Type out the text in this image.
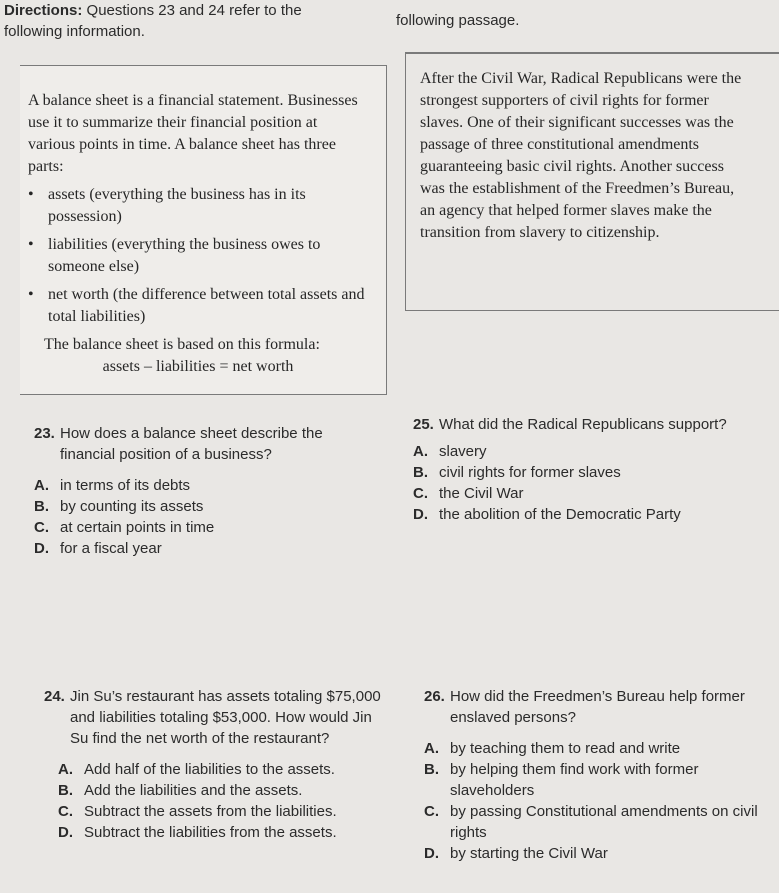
Directions: Questions 23 and 24 refer to the
following information.
following passage.

A balance sheet is a financial statement. Businesses use it to summarize their financial position at various points in time. A balance sheet has three parts:

• assets (everything the business has in its possession)
• liabilities (everything the business owes to someone else)
• net worth (the difference between total assets and total liabilities)

The balance sheet is based on this formula:

assets – liabilities = net worth

After the Civil War, Radical Republicans were the strongest supporters of civil rights for former slaves. One of their significant successes was the passage of three constitutional amendments guaranteeing basic civil rights. Another success was the establishment of the Freedmen’s Bureau, an agency that helped former slaves make the transition from slavery to citizenship.

23. How does a balance sheet describe the financial position of a business?
A. in terms of its debts
B. by counting its assets
C. at certain points in time
D. for a fiscal year
25. What did the Radical Republicans support?
A. slavery
B. civil rights for former slaves
C. the Civil War
D. the abolition of the Democratic Party
24. Jin Su’s restaurant has assets totaling $75,000 and liabilities totaling $53,000. How would Jin Su find the net worth of the restaurant?
A. Add half of the liabilities to the assets.
B. Add the liabilities and the assets.
C. Subtract the assets from the liabilities.
D. Subtract the liabilities from the assets.
26. How did the Freedmen’s Bureau help former enslaved persons?
A. by teaching them to read and write
B. by helping them find work with former slaveholders
C. by passing Constitutional amendments on civil rights
D. by starting the Civil War
